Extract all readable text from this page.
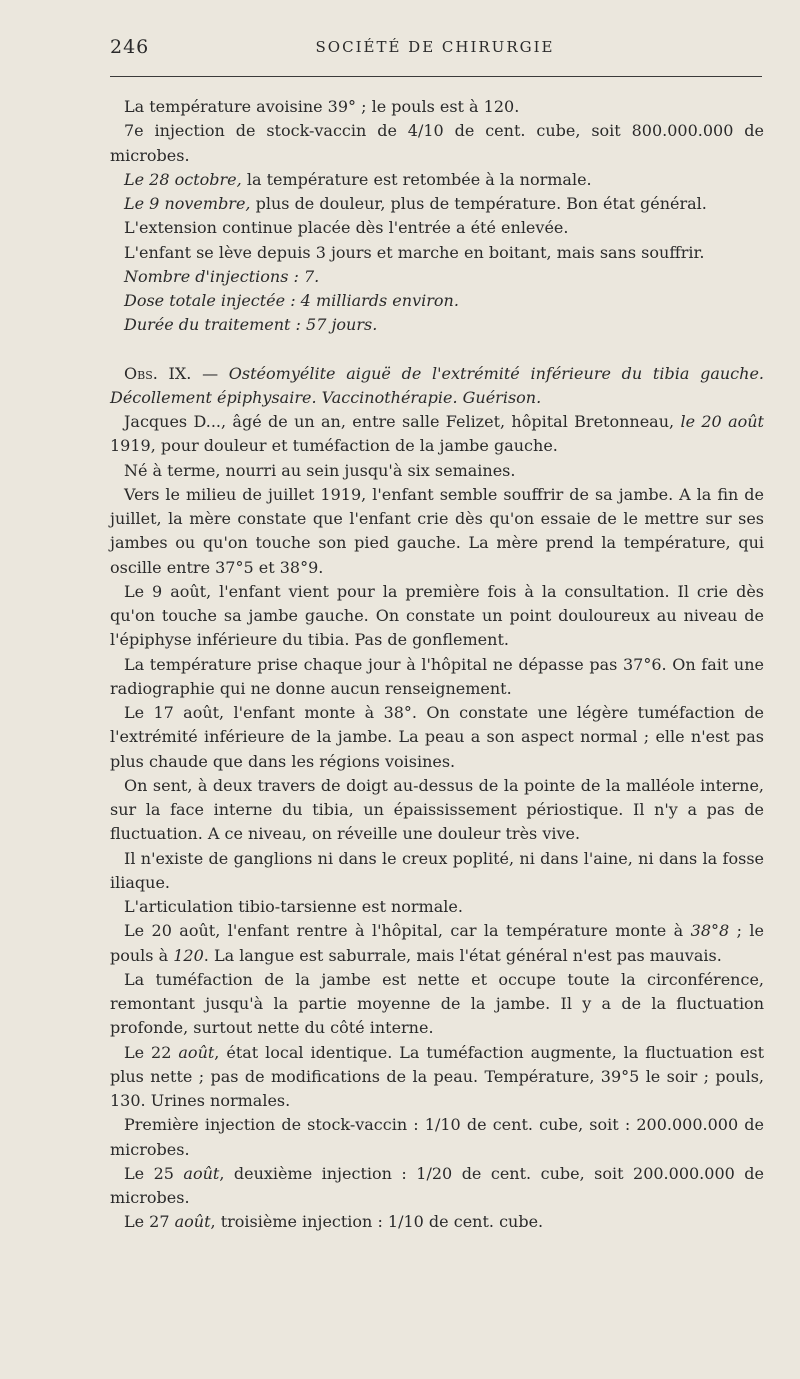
246	SOCIÉTÉ DE CHIRURGIE

La température avoisine 39° ; le pouls est à 120.

7e injection de stock-vaccin de 4/10 de cent. cube, soit 800.000.000 de microbes.

Le 28 octobre, la température est retombée à la normale.

Le 9 novembre, plus de douleur, plus de température. Bon état général.

L'extension continue placée dès l'entrée a été enlevée.

L'enfant se lève depuis 3 jours et marche en boitant, mais sans souffrir.

Nombre d'injections : 7.

Dose totale injectée : 4 milliards environ.

Durée du traitement : 57 jours.

Obs. IX. — Ostéomyélite aiguë de l'extrémité inférieure du tibia gauche. Décollement épiphysaire. Vaccinothérapie. Guérison.

Jacques D..., âgé de un an, entre salle Felizet, hôpital Bretonneau, le 20 août 1919, pour douleur et tuméfaction de la jambe gauche.

Né à terme, nourri au sein jusqu'à six semaines.

Vers le milieu de juillet 1919, l'enfant semble souffrir de sa jambe. A la fin de juillet, la mère constate que l'enfant crie dès qu'on essaie de le mettre sur ses jambes ou qu'on touche son pied gauche. La mère prend la température, qui oscille entre 37°5 et 38°9.

Le 9 août, l'enfant vient pour la première fois à la consultation. Il crie dès qu'on touche sa jambe gauche. On constate un point douloureux au niveau de l'épiphyse inférieure du tibia. Pas de gonflement.

La température prise chaque jour à l'hôpital ne dépasse pas 37°6. On fait une radiographie qui ne donne aucun renseignement.

Le 17 août, l'enfant monte à 38°. On constate une légère tuméfaction de l'extrémité inférieure de la jambe. La peau a son aspect normal ; elle n'est pas plus chaude que dans les régions voisines.

On sent, à deux travers de doigt au-dessus de la pointe de la malléole interne, sur la face interne du tibia, un épaississement périostique. Il n'y a pas de fluctuation. A ce niveau, on réveille une douleur très vive.

Il n'existe de ganglions ni dans le creux poplité, ni dans l'aine, ni dans la fosse iliaque.

L'articulation tibio-tarsienne est normale.

Le 20 août, l'enfant rentre à l'hôpital, car la température monte à 38°8 ; le pouls à 120. La langue est saburrale, mais l'état général n'est pas mauvais.

La tuméfaction de la jambe est nette et occupe toute la circonférence, remontant jusqu'à la partie moyenne de la jambe. Il y a de la fluctuation profonde, surtout nette du côté interne.

Le 22 août, état local identique. La tuméfaction augmente, la fluctuation est plus nette ; pas de modifications de la peau. Température, 39°5 le soir ; pouls, 130. Urines normales.

Première injection de stock-vaccin : 1/10 de cent. cube, soit : 200.000.000 de microbes.

Le 25 août, deuxième injection : 1/20 de cent. cube, soit 200.000.000 de microbes.

Le 27 août, troisième injection : 1/10 de cent. cube.
